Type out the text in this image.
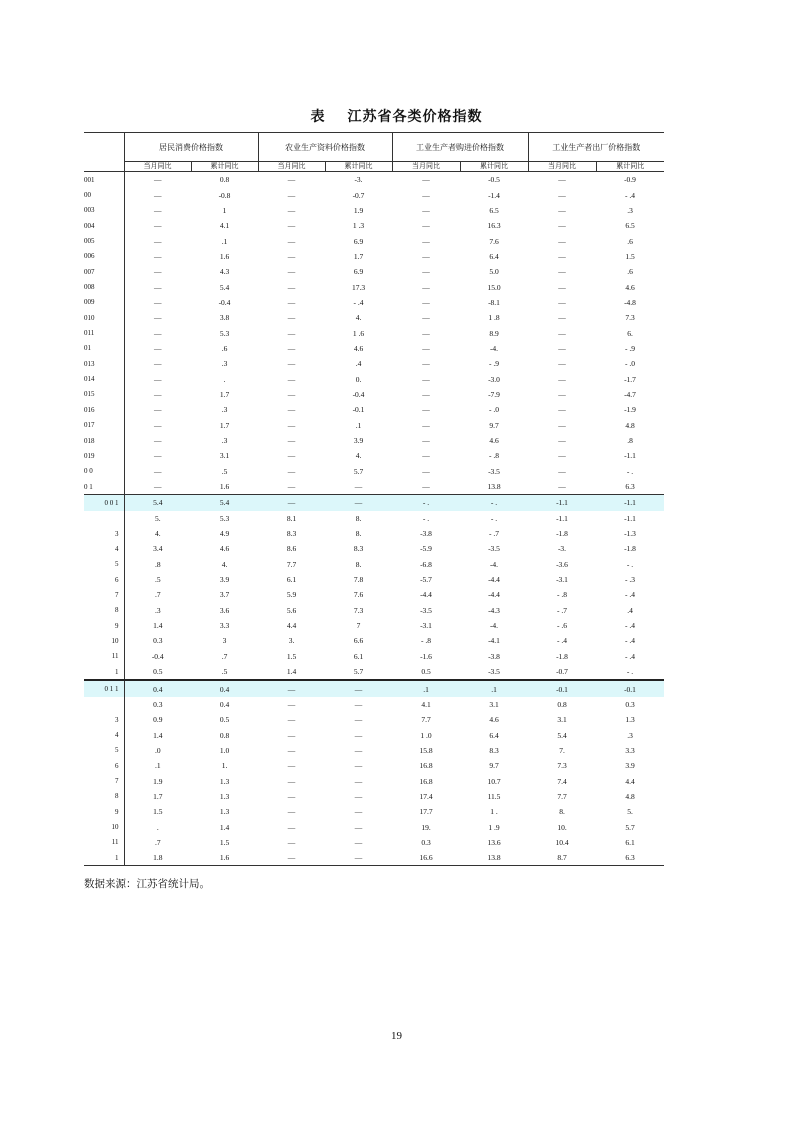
表 江苏省各类价格指数
	居民消费价格指数		农业生产资料价格指数		工业生产者购进价格指数		工业生产者出厂价格指数	
	当月同比	累计同比	当月同比	累计同比	当月同比	累计同比	当月同比	累计同比
001	—	0.8	—	-3.	—	-0.5	—	-0.9
00	—	-0.8	—	-0.7	—	-1.4	—	- .4
003	—	1	—	1.9	—	6.5	—	.3
004	—	4.1	—	1 .3	—	16.3	—	6.5
005	—	.1	—	6.9	—	7.6	—	.6
006	—	1.6	—	1.7	—	6.4	—	1.5
007	—	4.3	—	6.9	—	5.0	—	.6
008	—	5.4	—	17.3	—	15.0	—	4.6
009	—	-0.4	—	- .4	—	-8.1	—	-4.8
010	—	3.8	—	4.	—	1 .8	—	7.3
011	—	5.3	—	1 .6	—	8.9	—	6.
01	—	.6	—	4.6	—	-4.	—	- .9
013	—	.3	—	.4	—	- .9	—	- .0
014	—	.	—	0.	—	-3.0	—	-1.7
015	—	1.7	—	-0.4	—	-7.9	—	-4.7
016	—	.3	—	-0.1	—	- .0	—	-1.9
017	—	1.7	—	.1	—	9.7	—	4.8
018	—	.3	—	3.9	—	4.6	—	.8
019	—	3.1	—	4.	—	- .8	—	-1.1
0 0	—	.5	—	5.7	—	-3.5	—	- .
0 1	—	1.6	—	—	—	13.8	—	6.3
0 0 1	5.4	5.4	—	—	- .	- .	-1.1	-1.1
	5.	5.3	8.1	8.	- .	- .	-1.1	-1.1
3	4.	4.9	8.3	8.	-3.8	- .7	-1.8	-1.3
4	3.4	4.6	8.6	8.3	-5.9	-3.5	-3.	-1.8
5	.8	4.	7.7	8.	-6.8	-4.	-3.6	- .
6	.5	3.9	6.1	7.8	-5.7	-4.4	-3.1	- .3
7	.7	3.7	5.9	7.6	-4.4	-4.4	- .8	- .4
8	.3	3.6	5.6	7.3	-3.5	-4.3	- .7	.4
9	1.4	3.3	4.4	7	-3.1	-4.	- .6	- .4
10	0.3	3	3.	6.6	- .8	-4.1	- .4	- .4
11	-0.4	.7	1.5	6.1	-1.6	-3.8	-1.8	- .4
1	0.5	.5	1.4	5.7	0.5	-3.5	-0.7	- .
0 1 1	0.4	0.4	—	—	.1	.1	-0.1	-0.1
	0.3	0.4	—	—	4.1	3.1	0.8	0.3
3	0.9	0.5	—	—	7.7	4.6	3.1	1.3
4	1.4	0.8	—	—	1 .0	6.4	5.4	.3
5	.0	1.0	—	—	15.8	8.3	7.	3.3
6	.1	1.	—	—	16.8	9.7	7.3	3.9
7	1.9	1.3	—	—	16.8	10.7	7.4	4.4
8	1.7	1.3	—	—	17.4	11.5	7.7	4.8
9	1.5	1.3	—	—	17.7	1 .	8.	5.
10	.	1.4	—	—	19.	1 .9	10.	5.7
11	.7	1.5	—	—	0.3	13.6	10.4	6.1
1	1.8	1.6	—	—	16.6	13.8	8.7	6.3
数据来源：江苏省统计局。
19
